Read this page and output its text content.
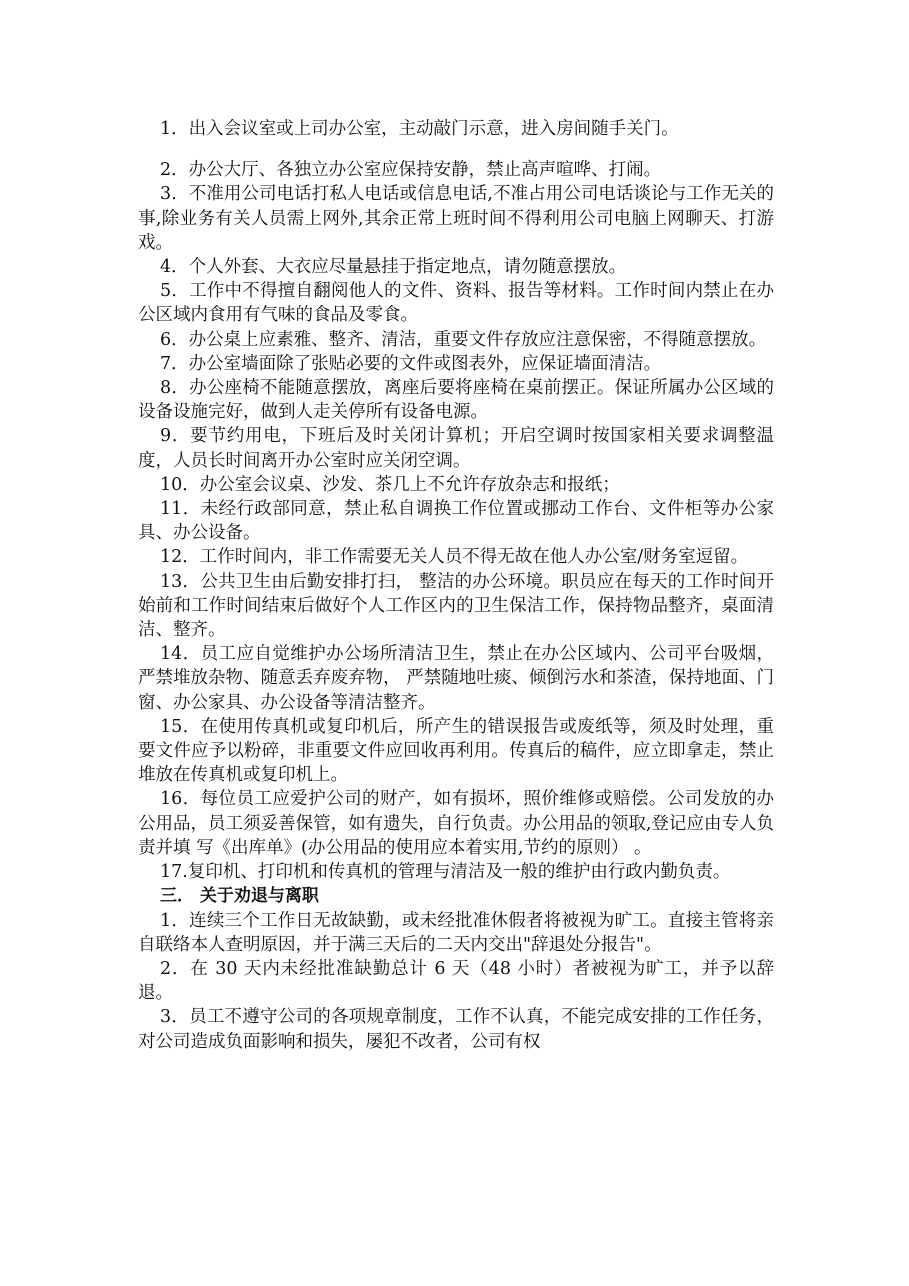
1．出入会议室或上司办公室，主动敲门示意，进入房间随手关门。

2．办公大厅、各独立办公室应保持安静，禁止高声喧哗、打闹。

3．不准用公司电话打私人电话或信息电话,不准占用公司电话谈论与工作无关的事,除业务有关人员需上网外,其余正常上班时间不得利用公司电脑上网聊天、打游戏。

4．个人外套、大衣应尽量悬挂于指定地点，请勿随意摆放。

5．工作中不得擅自翻阅他人的文件、资料、报告等材料。工作时间内禁止在办公区域内食用有气味的食品及零食。

6．办公桌上应素雅、整齐、清洁，重要文件存放应注意保密，不得随意摆放。

7．办公室墙面除了张贴必要的文件或图表外，应保证墙面清洁。

8．办公座椅不能随意摆放，离座后要将座椅在桌前摆正。保证所属办公区域的设备设施完好，做到人走关停所有设备电源。

9．要节约用电，下班后及时关闭计算机；开启空调时按国家相关要求调整温度，人员长时间离开办公室时应关闭空调。

10．办公室会议桌、沙发、茶几上不允许存放杂志和报纸；

11．未经行政部同意，禁止私自调换工作位置或挪动工作台、文件柜等办公家具、办公设备。

12．工作时间内，非工作需要无关人员不得无故在他人办公室/财务室逗留。

13．公共卫生由后勤安排打扫， 整洁的办公环境。职员应在每天的工作时间开始前和工作时间结束后做好个人工作区内的卫生保洁工作，保持物品整齐，桌面清洁、整齐。

14．员工应自觉维护办公场所清洁卫生，禁止在办公区域内、公司平台吸烟，严禁堆放杂物、随意丢弃废弃物， 严禁随地吐痰、倾倒污水和茶渣，保持地面、门窗、办公家具、办公设备等清洁整齐。

15．在使用传真机或复印机后，所产生的错误报告或废纸等，须及时处理，重要文件应予以粉碎，非重要文件应回收再利用。传真后的稿件，应立即拿走，禁止堆放在传真机或复印机上。

16．每位员工应爱护公司的财产，如有损坏，照价维修或赔偿。公司发放的办公用品，员工须妥善保管，如有遗失，自行负责。办公用品的领取,登记应由专人负责并填 写《出库单》(办公用品的使用应本着实用,节约的原则） 。

17.复印机、打印机和传真机的管理与清洁及一般的维护由行政内勤负责。

三． 关于劝退与离职

1．连续三个工作日无故缺勤，或未经批准休假者将被视为旷工。直接主管将亲自联络本人查明原因，并于满三天后的二天内交出"辞退处分报告"。

2．在 30 天内未经批准缺勤总计 6 天（48 小时）者被视为旷工，并予以辞退。

3．员工不遵守公司的各项规章制度，工作不认真，不能完成安排的工作任务，对公司造成负面影响和损失，屡犯不改者，公司有权
